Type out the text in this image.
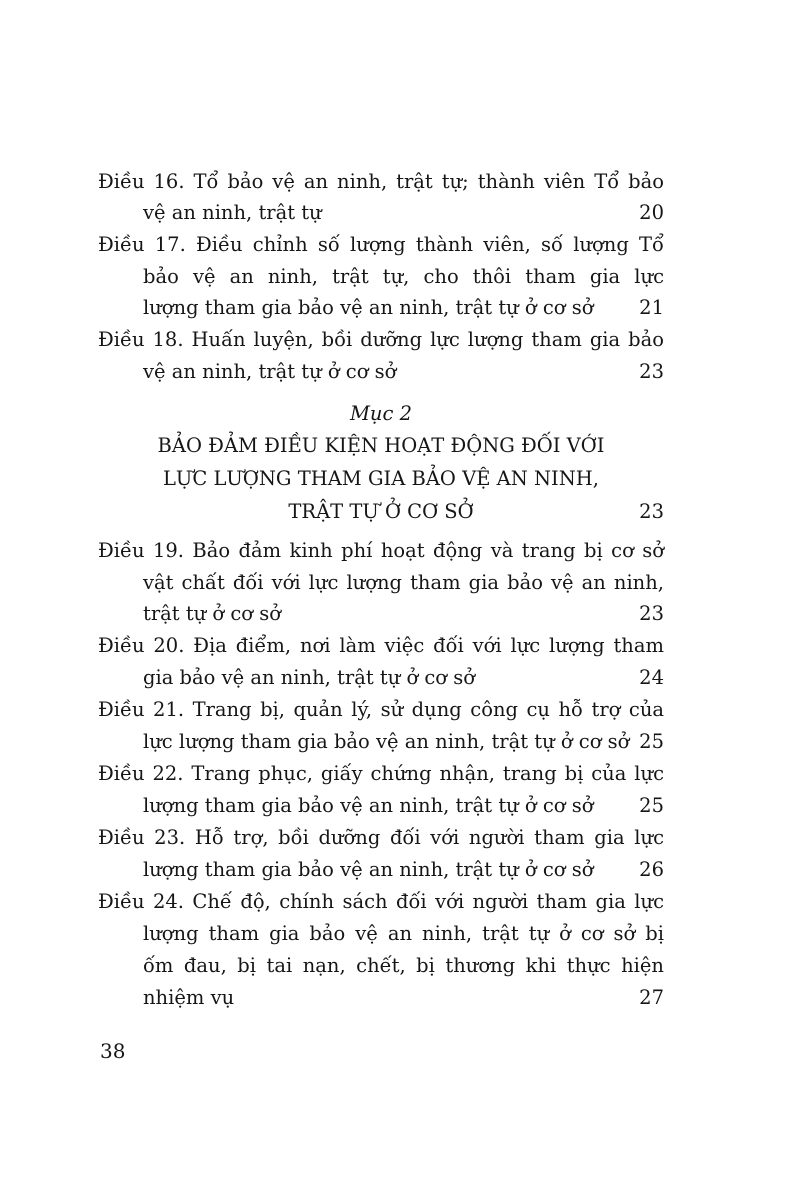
Điều 16. Tổ bảo vệ an ninh, trật tự; thành viên Tổ bảo
vệ an ninh, trật tự	20
Điều 17. Điều chỉnh số lượng thành viên, số lượng Tổ
bảo vệ an ninh, trật tự, cho thôi tham gia lực
lượng tham gia bảo vệ an ninh, trật tự ở cơ sở 21
Điều 18. Huấn luyện, bồi dưỡng lực lượng tham gia bảo
vệ an ninh, trật tự ở cơ sở	23
Mục 2
BẢO ĐẢM ĐIỀU KIỆN HOẠT ĐỘNG ĐỐI VỚI
LỰC LƯỢNG THAM GIA BẢO VỆ AN NINH,
TRẬT TỰ Ở CƠ SỞ	23
Điều 19. Bảo đảm kinh phí hoạt động và trang bị cơ sở
vật chất đối với lực lượng tham gia bảo vệ an ninh,
trật tự ở cơ sở	23
Điều 20. Địa điểm, nơi làm việc đối với lực lượng tham
gia bảo vệ an ninh, trật tự ở cơ sở	24
Điều 21. Trang bị, quản lý, sử dụng công cụ hỗ trợ của
lực lượng tham gia bảo vệ an ninh, trật tự ở cơ sở 25
Điều 22. Trang phục, giấy chứng nhận, trang bị của lực
lượng tham gia bảo vệ an ninh, trật tự ở cơ sở 25
Điều 23. Hỗ trợ, bồi dưỡng đối với người tham gia lực
lượng tham gia bảo vệ an ninh, trật tự ở cơ sở 26
Điều 24. Chế độ, chính sách đối với người tham gia lực
lượng tham gia bảo vệ an ninh, trật tự ở cơ sở bị
ốm đau, bị tai nạn, chết, bị thương khi thực hiện
nhiệm vụ	27
38
